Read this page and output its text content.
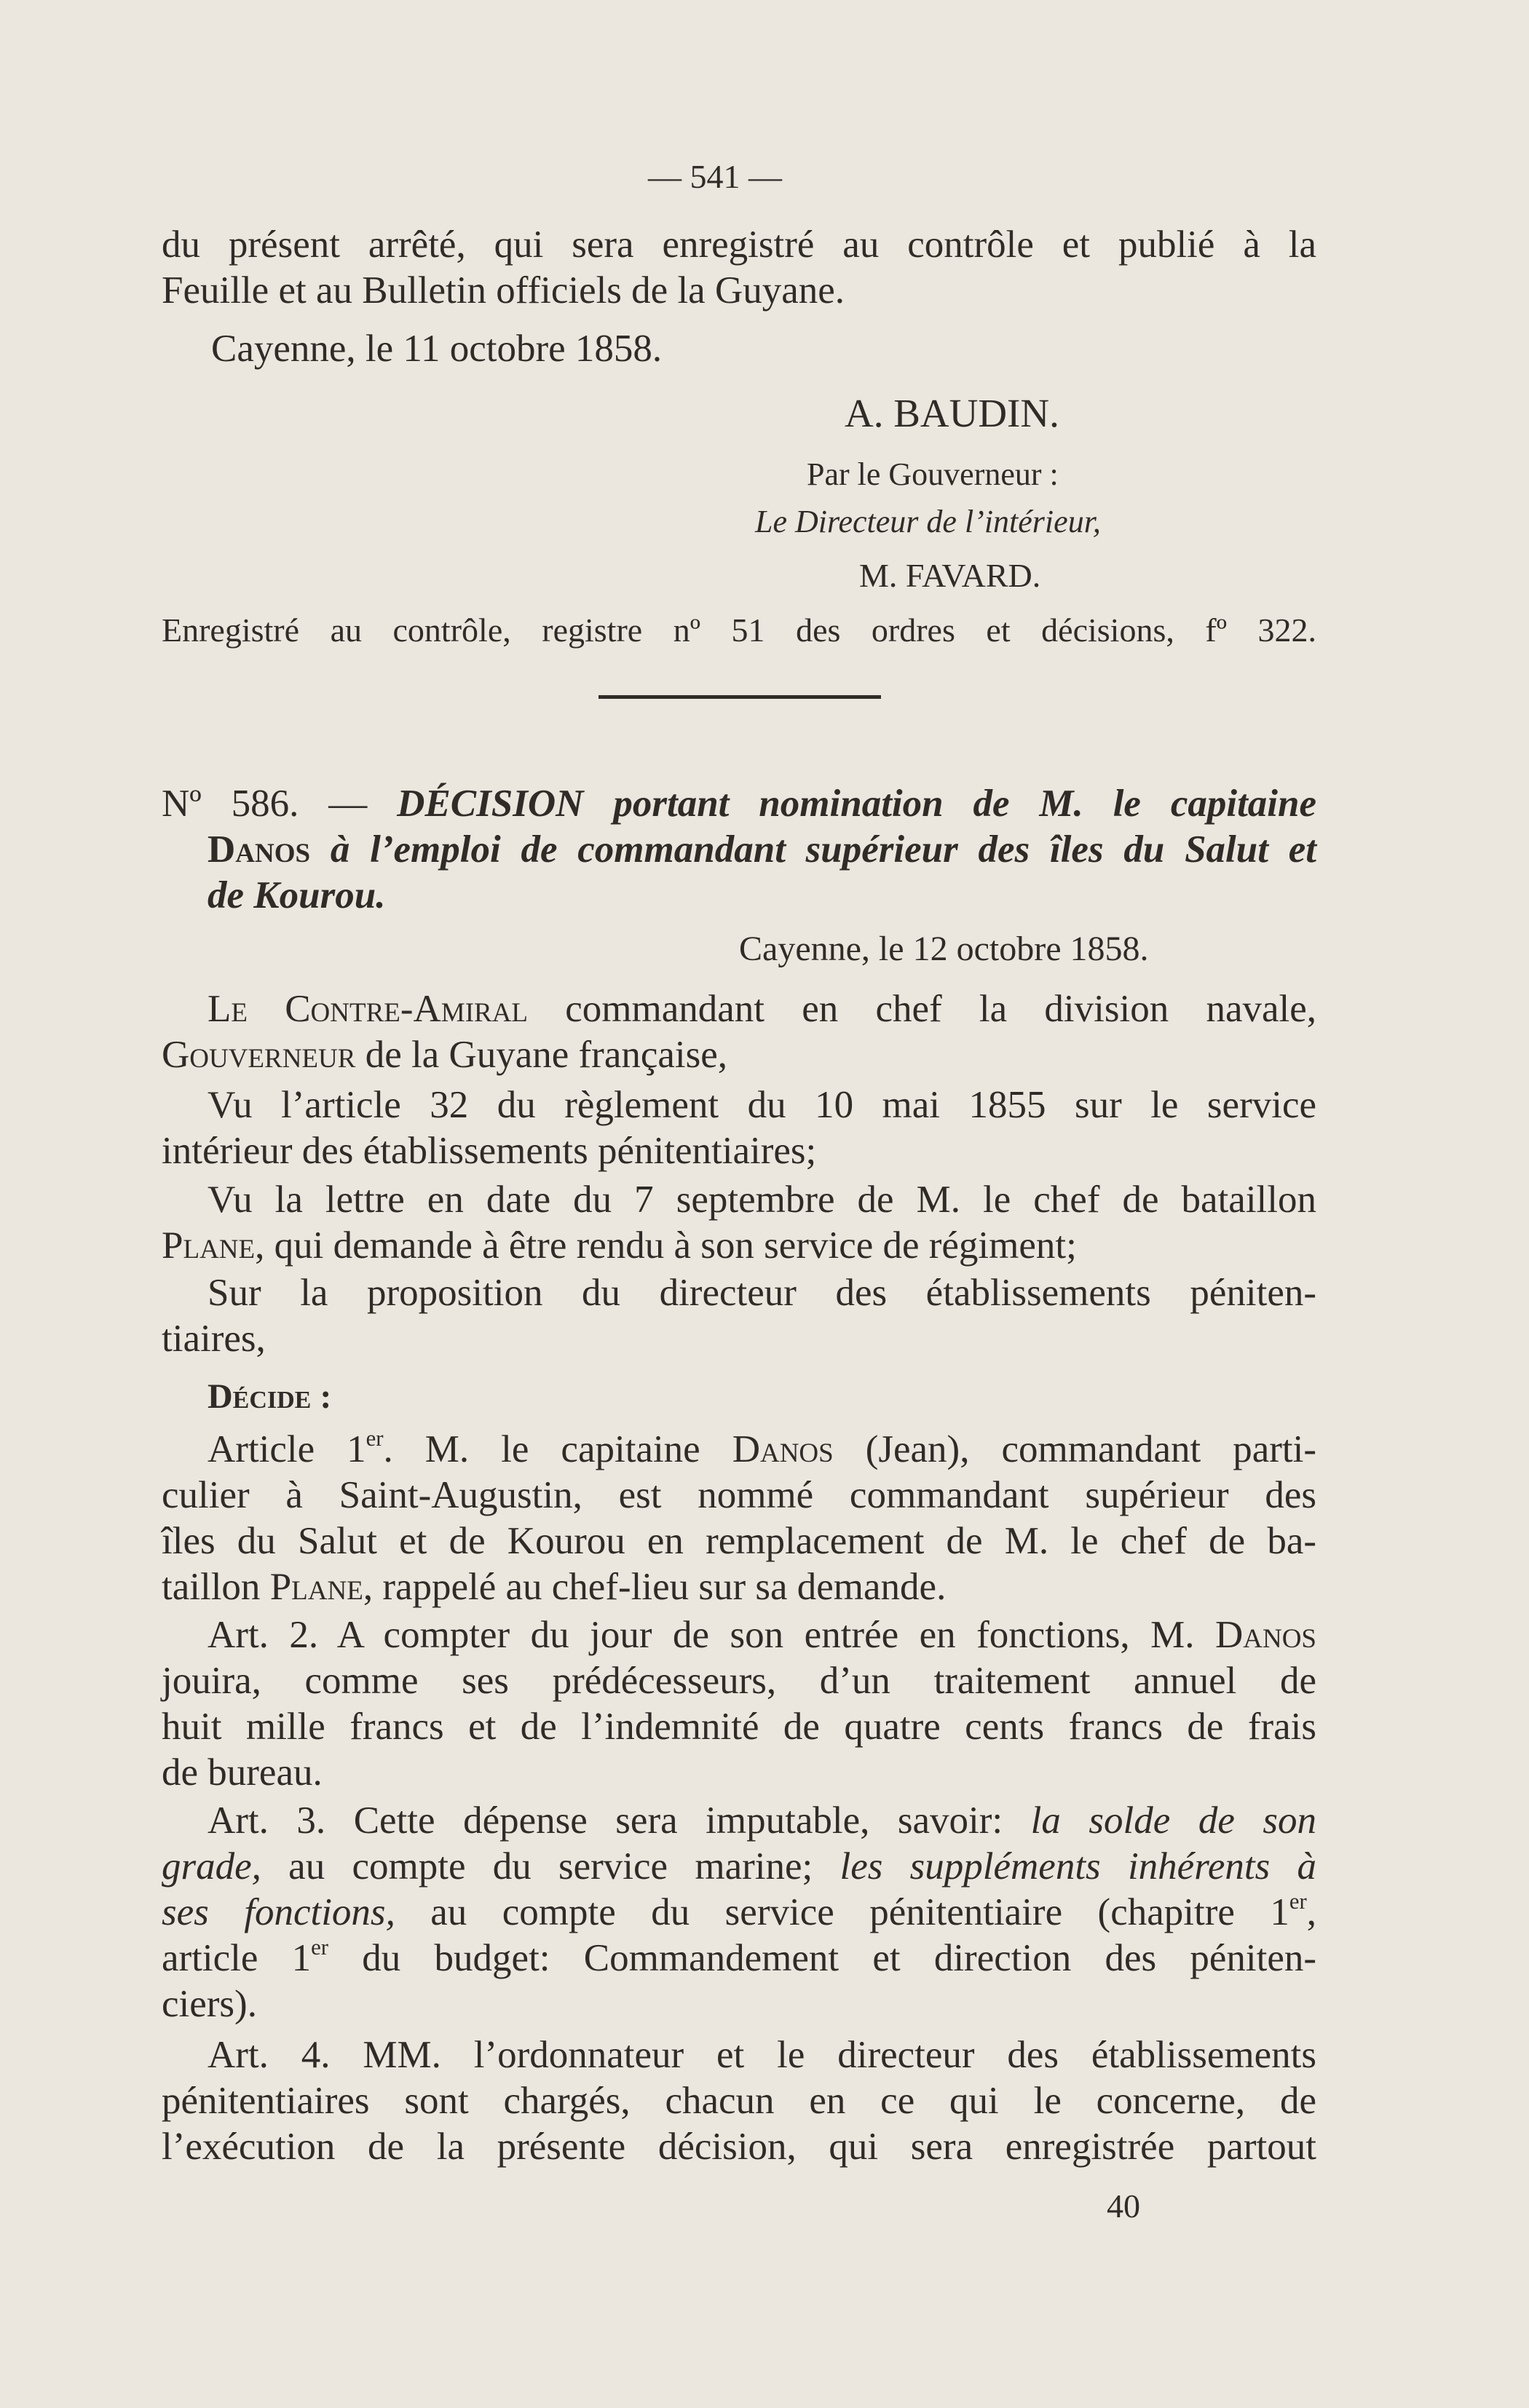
— 541 —
du présent arrêté, qui sera enregistré au contrôle et publié à la
Feuille et au Bulletin officiels de la Guyane.
Cayenne, le 11 octobre 1858.
A. BAUDIN.
Par le Gouverneur :
Le Directeur de l’intérieur,
M. FAVARD.
Enregistré au contrôle, registre nº 51 des ordres et décisions, fº 322.
Nº 586. — DÉCISION portant nomination de M. le capitaine
Danos à l’emploi de commandant supérieur des îles du Salut et
de Kourou.
Cayenne, le 12 octobre 1858.
Le Contre-Amiral commandant en chef la division navale,
Gouverneur de la Guyane française,
Vu l’article 32 du règlement du 10 mai 1855 sur le service
intérieur des établissements pénitentiaires;
Vu la lettre en date du 7 septembre de M. le chef de bataillon
Plane, qui demande à être rendu à son service de régiment;
Sur la proposition du directeur des établissements péniten-
tiaires,
Décide :
Article 1er. M. le capitaine Danos (Jean), commandant parti-
culier à Saint-Augustin, est nommé commandant supérieur des
îles du Salut et de Kourou en remplacement de M. le chef de ba-
taillon Plane, rappelé au chef-lieu sur sa demande.
Art. 2. A compter du jour de son entrée en fonctions, M. Danos
jouira, comme ses prédécesseurs, d’un traitement annuel de
huit mille francs et de l’indemnité de quatre cents francs de frais
de bureau.
Art. 3. Cette dépense sera imputable, savoir: la solde de son
grade, au compte du service marine; les suppléments inhérents à
ses fonctions, au compte du service pénitentiaire (chapitre 1er,
article 1er du budget: Commandement et direction des péniten-
ciers).
Art. 4. MM. l’ordonnateur et le directeur des établissements
pénitentiaires sont chargés, chacun en ce qui le concerne, de
l’exécution de la présente décision, qui sera enregistrée partout
40
